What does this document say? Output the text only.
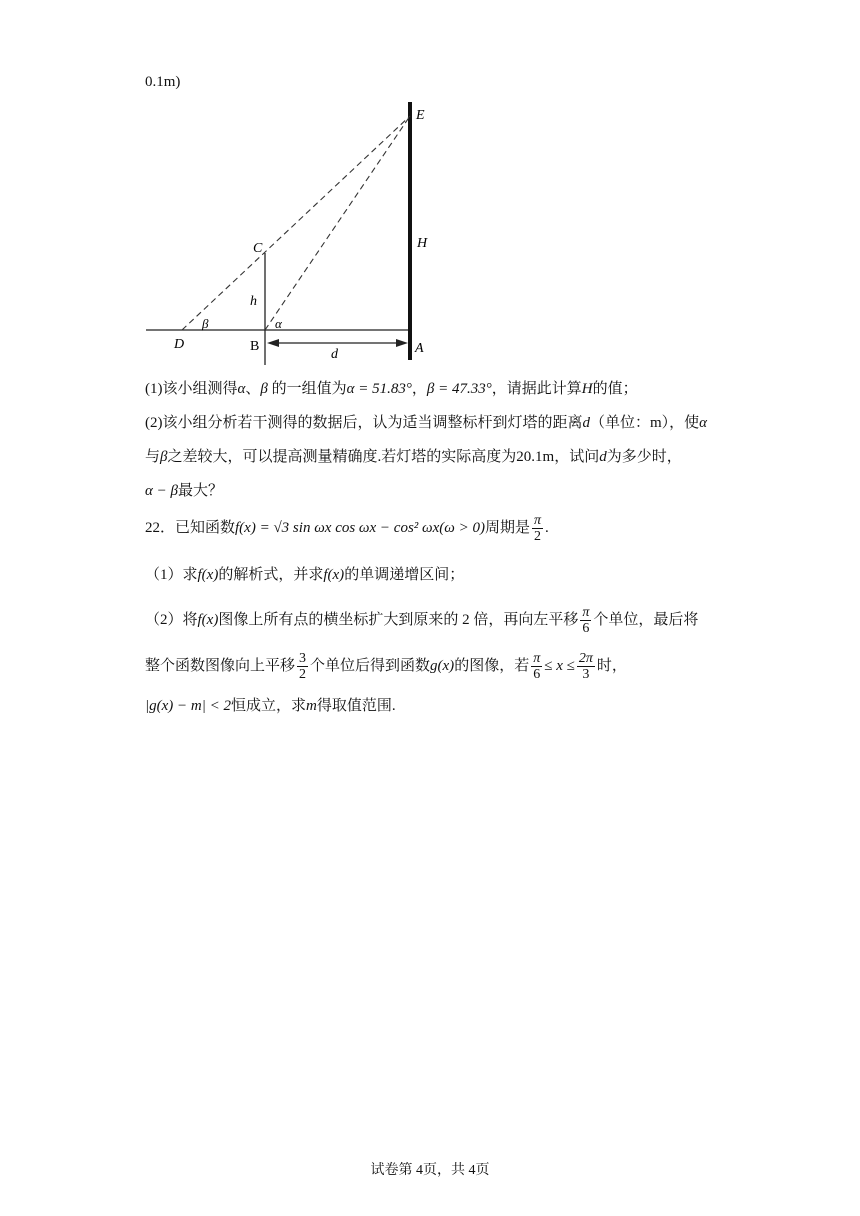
0.1m)

E
C	H
h
β	α
D	B	A
d

(1)该小组测得α、β 的一组值为α = 51.83°，β = 47.33°，请据此计算H的值；

(2)该小组分析若干测得的数据后，认为适当调整标杆到灯塔的距离d（单位：m），使α

与β之差较大，可以提高测量精确度.若灯塔的实际高度为20.1m，试问d为多少时，

α − β最大？

22．已知函数f(x) = √3 sin ωx cos ωx − cos² ωx(ω > 0)周期是 $\frac{\pi}{2}$ .

（1）求f(x)的解析式，并求f(x)的单调递增区间；

（2）将f(x)图像上所有点的横坐标扩大到原来的 2 倍，再向左平移 $\frac{\pi}{6}$ 个单位，最后将

整个函数图像向上平移 $\frac{3}{2}$ 个单位后得到函数g(x)的图像，若 $\frac{\pi}{6} \le x \le \frac{2\pi}{3}$ 时，

|g(x) − m| < 2恒成立，求m得取值范围.

试卷第 4页，共 4页
